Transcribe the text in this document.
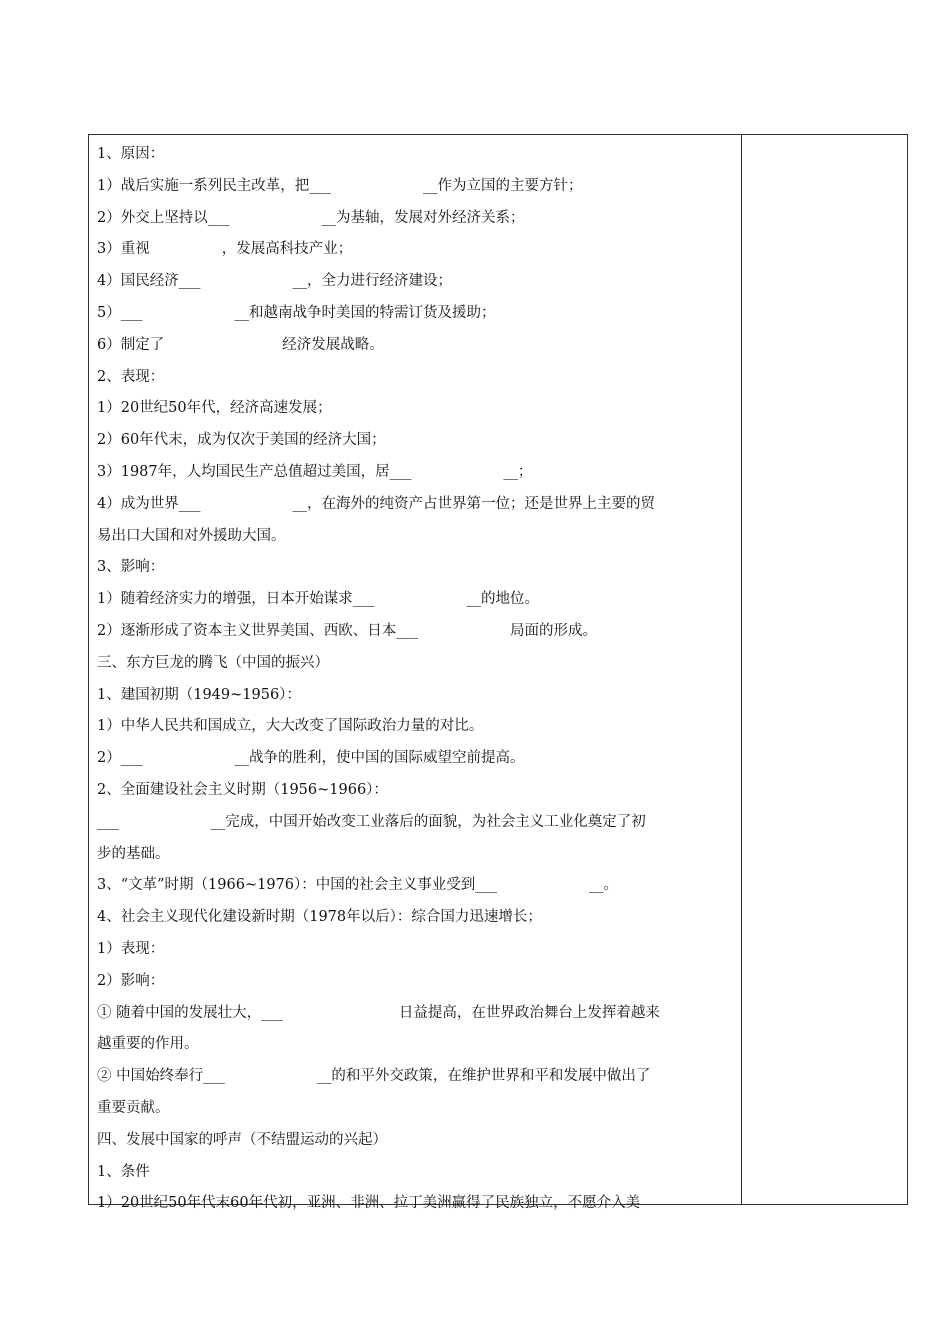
1、原因：
1）战后实施一系列民主改革，把___	__作为立国的主要方针；
2）外交上坚持以___	__为基轴，发展对外经济关系；
3）重视	，发展高科技产业；
4）国民经济___	__，全力进行经济建设；
5）___	__和越南战争时美国的特需订货及援助；
6）制定了	经济发展战略。
2、表现：
1）20世纪50年代，经济高速发展；
2）60年代末，成为仅次于美国的经济大国；
3）1987年，人均国民生产总值超过美国，居___	__；
4）成为世界___	__，在海外的纯资产占世界第一位；还是世界上主要的贸
易出口大国和对外援助大国。
3、影响：
1）随着经济实力的增强，日本开始谋求___	__的地位。
2）逐渐形成了资本主义世界美国、西欧、日本___	局面的形成。
三、东方巨龙的腾飞（中国的振兴）
1、建国初期（1949~1956）：
1）中华人民共和国成立，大大改变了国际政治力量的对比。
2）___	__战争的胜利，使中国的国际威望空前提高。
2、全面建设社会主义时期（1956~1966）：
___	__完成，中国开始改变工业落后的面貌，为社会主义工业化奠定了初
步的基础。
3、“文革”时期（1966~1976）：中国的社会主义事业受到___	__。
4、社会主义现代化建设新时期（1978年以后）：综合国力迅速增长；
1）表现：
2）影响：
① 随着中国的发展壮大，___	日益提高，在世界政治舞台上发挥着越来
越重要的作用。
② 中国始终奉行___	__的和平外交政策，在维护世界和平和发展中做出了
重要贡献。
四、发展中国家的呼声（不结盟运动的兴起）
1、条件
1）20世纪50年代末60年代初，亚洲、非洲、拉丁美洲赢得了民族独立，不愿介入美
